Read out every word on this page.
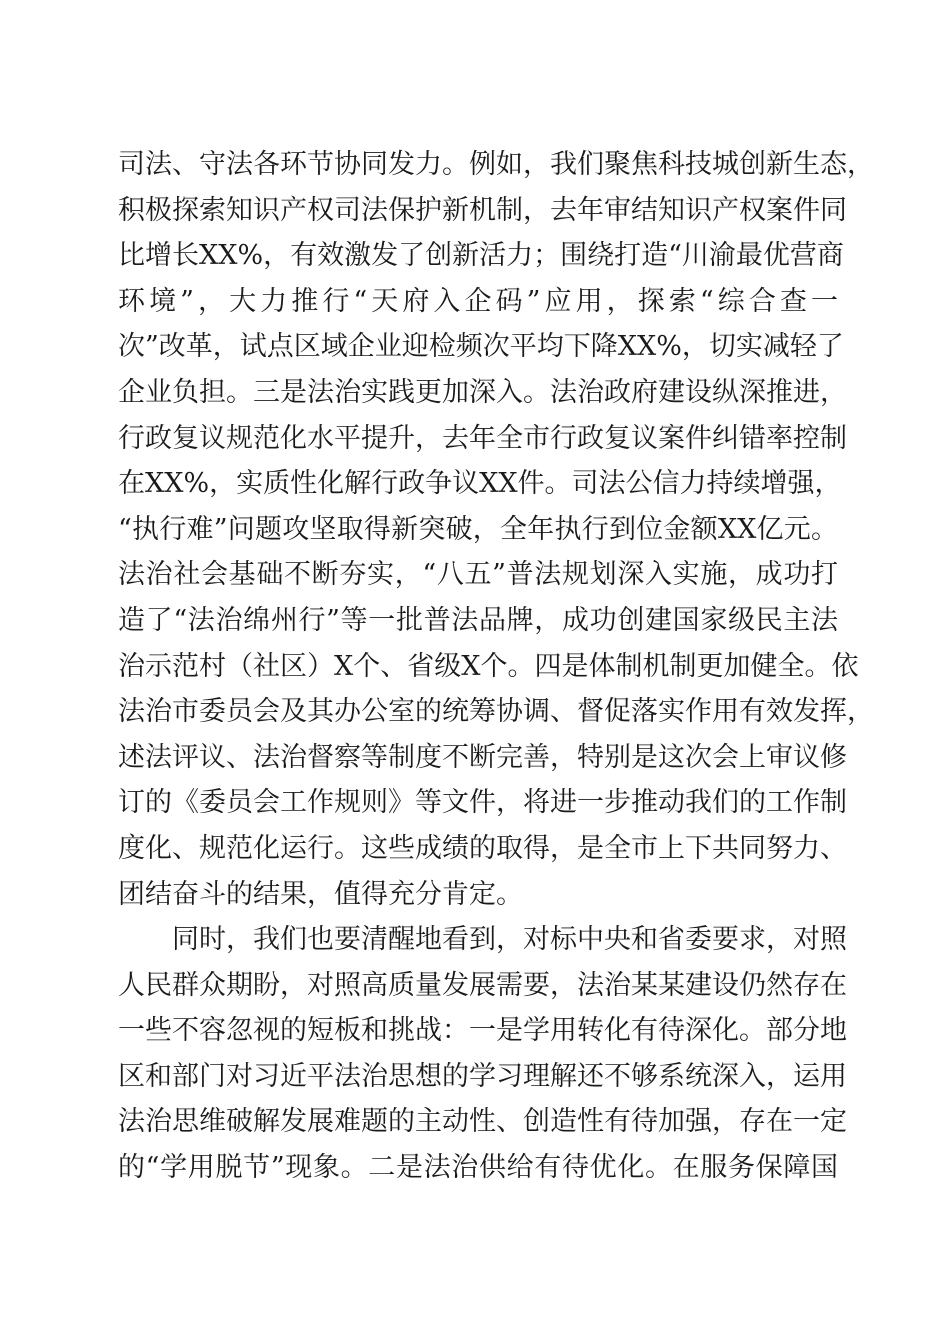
司法、守法各环节协同发力。例如，我们聚焦科技城创新生态，
积极探索知识产权司法保护新机制，去年审结知识产权案件同
比增长XX%，有效激发了创新活力；围绕打造“川渝最优营商
环境”，大力推行“天府入企码”应用，探索“综合查一
次”改革，试点区域企业迎检频次平均下降XX%，切实减轻了
企业负担。三是法治实践更加深入。法治政府建设纵深推进，
行政复议规范化水平提升，去年全市行政复议案件纠错率控制
在XX%，实质性化解行政争议XX件。司法公信力持续增强，
“执行难”问题攻坚取得新突破，全年执行到位金额XX亿元。
法治社会基础不断夯实，“八五”普法规划深入实施，成功打
造了“法治绵州行”等一批普法品牌，成功创建国家级民主法
治示范村（社区）X个、省级X个。四是体制机制更加健全。依
法治市委员会及其办公室的统筹协调、督促落实作用有效发挥，
述法评议、法治督察等制度不断完善，特别是这次会上审议修
订的《委员会工作规则》等文件，将进一步推动我们的工作制
度化、规范化运行。这些成绩的取得，是全市上下共同努力、
团结奋斗的结果，值得充分肯定。
同时，我们也要清醒地看到，对标中央和省委要求，对照
人民群众期盼，对照高质量发展需要，法治某某建设仍然存在
一些不容忽视的短板和挑战：一是学用转化有待深化。部分地
区和部门对习近平法治思想的学习理解还不够系统深入，运用
法治思维破解发展难题的主动性、创造性有待加强，存在一定
的“学用脱节”现象。二是法治供给有待优化。在服务保障国
